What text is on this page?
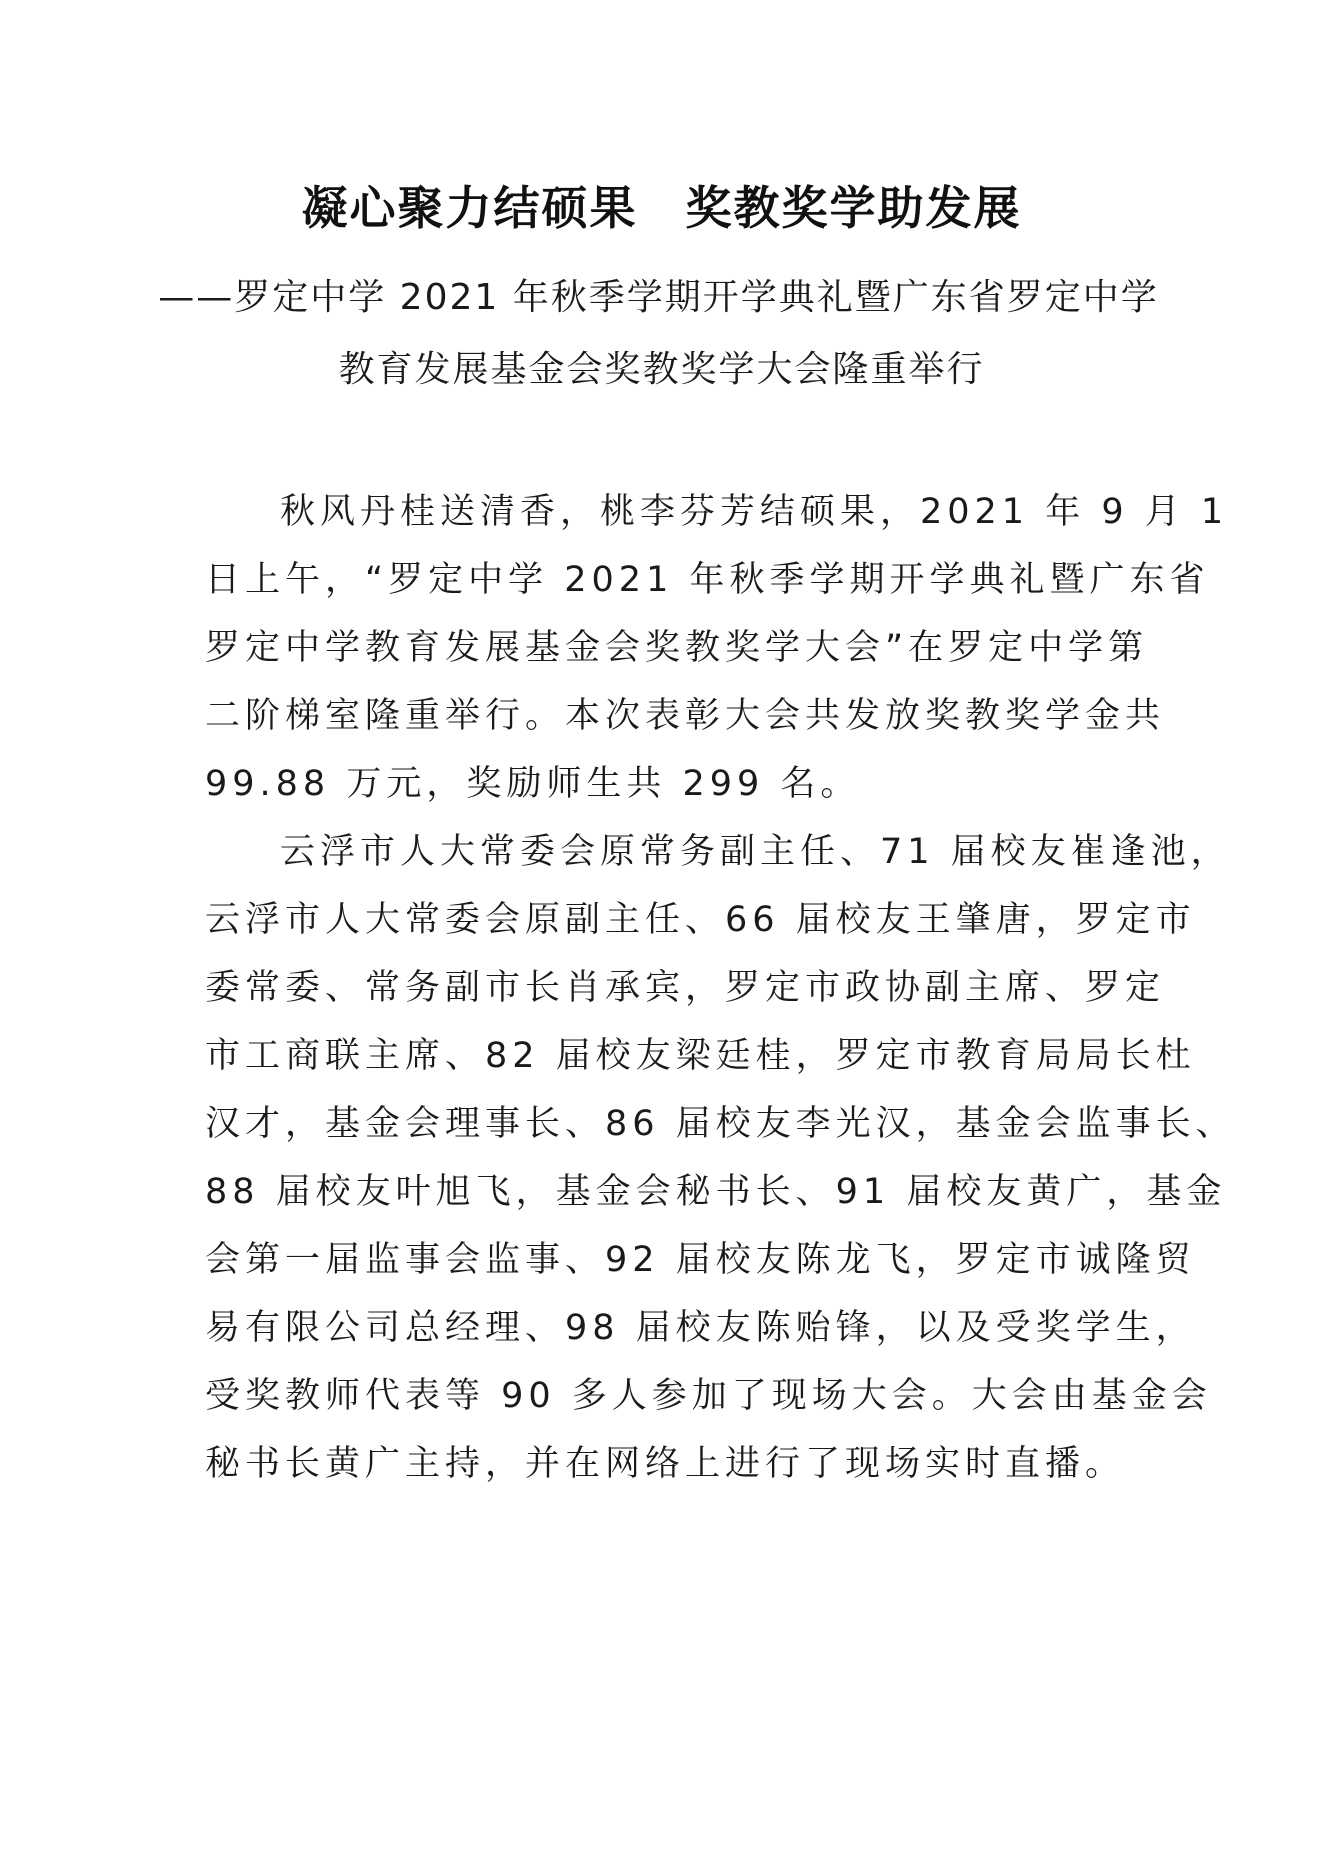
凝心聚力结硕果　奖教奖学助发展
——罗定中学 2021 年秋季学期开学典礼暨广东省罗定中学
教育发展基金会奖教奖学大会隆重举行
秋风丹桂送清香，桃李芬芳结硕果，2021 年 9 月 1
日上午，“罗定中学 2021 年秋季学期开学典礼暨广东省
罗定中学教育发展基金会奖教奖学大会”在罗定中学第
二阶梯室隆重举行。本次表彰大会共发放奖教奖学金共
99.88 万元，奖励师生共 299 名。
云浮市人大常委会原常务副主任、71 届校友崔逢池，
云浮市人大常委会原副主任、66 届校友王肇唐，罗定市
委常委、常务副市长肖承宾，罗定市政协副主席、罗定
市工商联主席、82 届校友梁廷桂，罗定市教育局局长杜
汉才，基金会理事长、86 届校友李光汉，基金会监事长、
88 届校友叶旭飞，基金会秘书长、91 届校友黄广，基金
会第一届监事会监事、92 届校友陈龙飞，罗定市诚隆贸
易有限公司总经理、98 届校友陈贻锋，以及受奖学生，
受奖教师代表等 90 多人参加了现场大会。大会由基金会
秘书长黄广主持，并在网络上进行了现场实时直播。
